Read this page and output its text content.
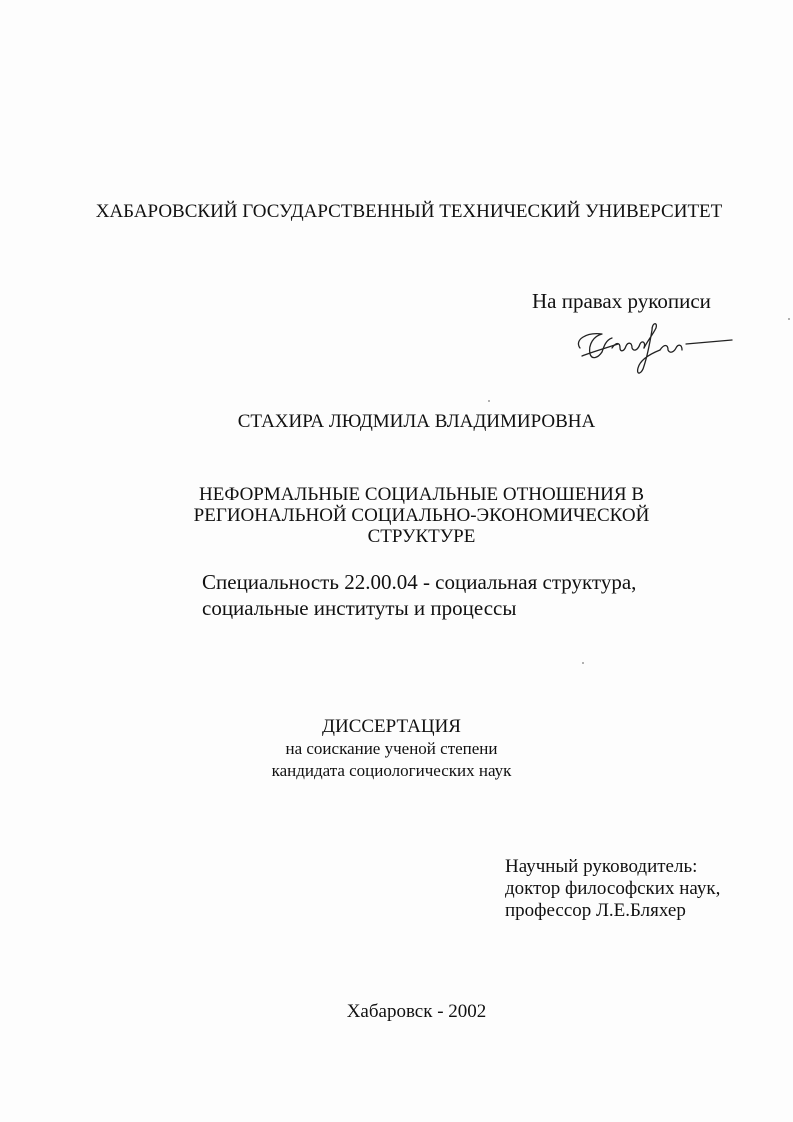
ХАБАРОВСКИЙ ГОСУДАРСТВЕННЫЙ ТЕХНИЧЕСКИЙ УНИВЕРСИТЕТ
На правах рукописи
СТАХИРА ЛЮДМИЛА ВЛАДИМИРОВНА
НЕФОРМАЛЬНЫЕ СОЦИАЛЬНЫЕ ОТНОШЕНИЯ В
РЕГИОНАЛЬНОЙ СОЦИАЛЬНО-ЭКОНОМИЧЕСКОЙ
СТРУКТУРЕ
Специальность 22.00.04 - социальная структура,
социальные институты и процессы
ДИССЕРТАЦИЯ
на соискание ученой степени
кандидата социологических наук
Научный руководитель:
доктор философских наук,
профессор Л.Е.Бляхер
Хабаровск - 2002
